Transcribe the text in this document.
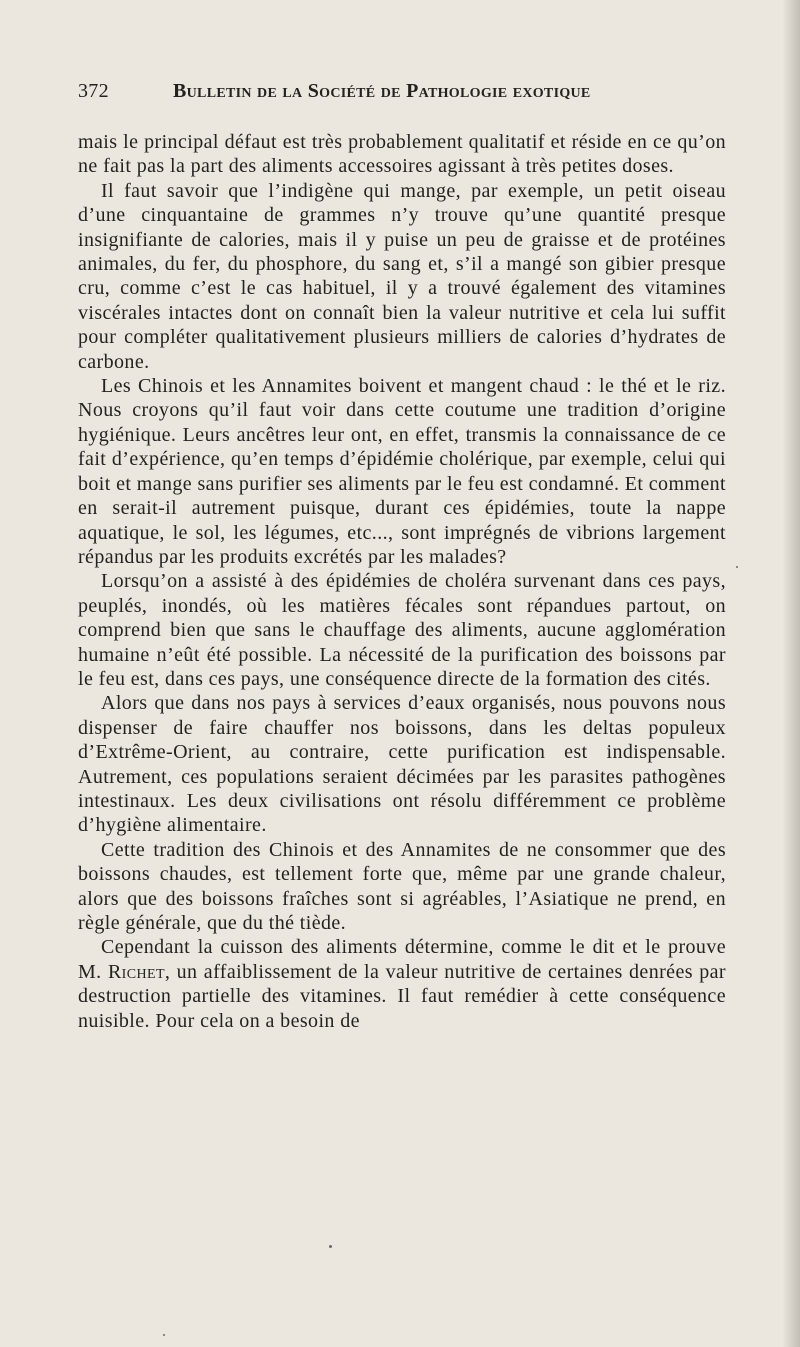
372	Bulletin de la Société de Pathologie exotique

mais le principal défaut est très probablement qualitatif et réside en ce qu’on ne fait pas la part des aliments accessoires agissant à très petites doses.

Il faut savoir que l’indigène qui mange, par exemple, un petit oiseau d’une cinquantaine de grammes n’y trouve qu’une quantité presque insignifiante de calories, mais il y puise un peu de graisse et de protéines animales, du fer, du phosphore, du sang et, s’il a mangé son gibier presque cru, comme c’est le cas habituel, il y a trouvé également des vitamines viscérales intactes dont on connaît bien la valeur nutritive et cela lui suffit pour compléter qualitativement plusieurs milliers de calories d’hydrates de carbone.

Les Chinois et les Annamites boivent et mangent chaud : le thé et le riz. Nous croyons qu’il faut voir dans cette coutume une tradition d’origine hygiénique. Leurs ancêtres leur ont, en effet, transmis la connaissance de ce fait d’expérience, qu’en temps d’épidémie cholérique, par exemple, celui qui boit et mange sans purifier ses aliments par le feu est condamné. Et comment en serait-il autrement puisque, durant ces épidémies, toute la nappe aquatique, le sol, les légumes, etc..., sont imprégnés de vibrions largement répandus par les produits excrétés par les malades?

Lorsqu’on a assisté à des épidémies de choléra survenant dans ces pays, peuplés, inondés, où les matières fécales sont répandues partout, on comprend bien que sans le chauffage des aliments, aucune agglomération humaine n’eût été possible. La nécessité de la purification des boissons par le feu est, dans ces pays, une conséquence directe de la formation des cités.

Alors que dans nos pays à services d’eaux organisés, nous pouvons nous dispenser de faire chauffer nos boissons, dans les deltas populeux d’Extrême-Orient, au contraire, cette purification est indispensable. Autrement, ces populations seraient décimées par les parasites pathogènes intestinaux. Les deux civilisations ont résolu différemment ce problème d’hygiène alimentaire.

Cette tradition des Chinois et des Annamites de ne consommer que des boissons chaudes, est tellement forte que, même par une grande chaleur, alors que des boissons fraîches sont si agréables, l’Asiatique ne prend, en règle générale, que du thé tiède.

Cependant la cuisson des aliments détermine, comme le dit et le prouve M. Richet, un affaiblissement de la valeur nutritive de certaines denrées par destruction partielle des vitamines. Il faut remédier à cette conséquence nuisible. Pour cela on a besoin de
